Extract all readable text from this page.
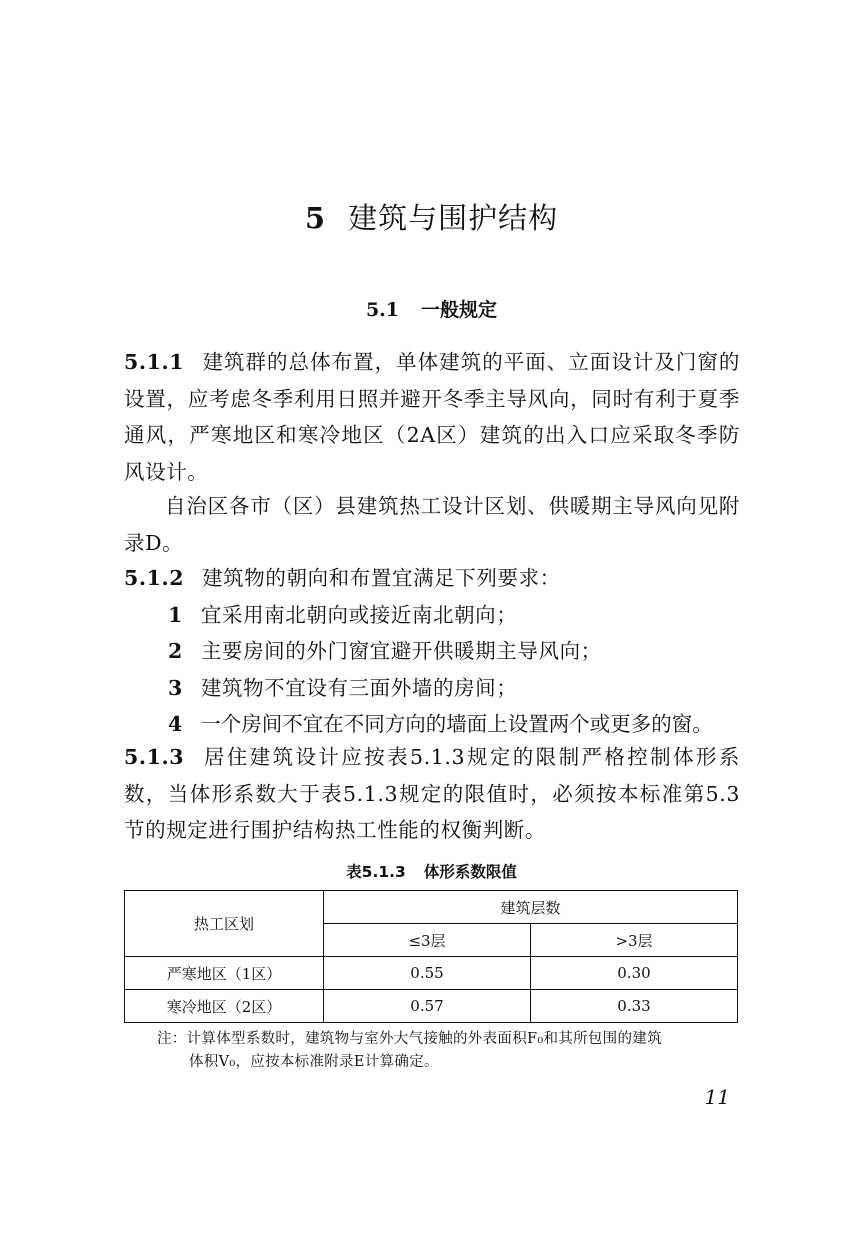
5 建筑与围护结构
5.1 一般规定
5.1.1 建筑群的总体布置，单体建筑的平面、立面设计及门窗的设置，应考虑冬季利用日照并避开冬季主导风向，同时有利于夏季通风，严寒地区和寒冷地区（2A区）建筑的出入口应采取冬季防风设计。
自治区各市（区）县建筑热工设计区划、供暖期主导风向见附录D。
5.1.2 建筑物的朝向和布置宜满足下列要求：
1 宜采用南北朝向或接近南北朝向；
2 主要房间的外门窗宜避开供暖期主导风向；
3 建筑物不宜设有三面外墙的房间；
4 一个房间不宜在不同方向的墙面上设置两个或更多的窗。
5.1.3 居住建筑设计应按表5.1.3规定的限制严格控制体形系数，当体形系数大于表5.1.3规定的限值时，必须按本标准第5.3节的规定进行围护结构热工性能的权衡判断。
表5.1.3 体形系数限值
热工区划	建筑层数	
	≤3层	>3层
严寒地区（1区）	0.55	0.30
寒冷地区（2区）	0.57	0.33
注：计算体型系数时，建筑物与室外大气接触的外表面积F₀和其所包围的建筑
体积V₀，应按本标准附录E计算确定。
11
